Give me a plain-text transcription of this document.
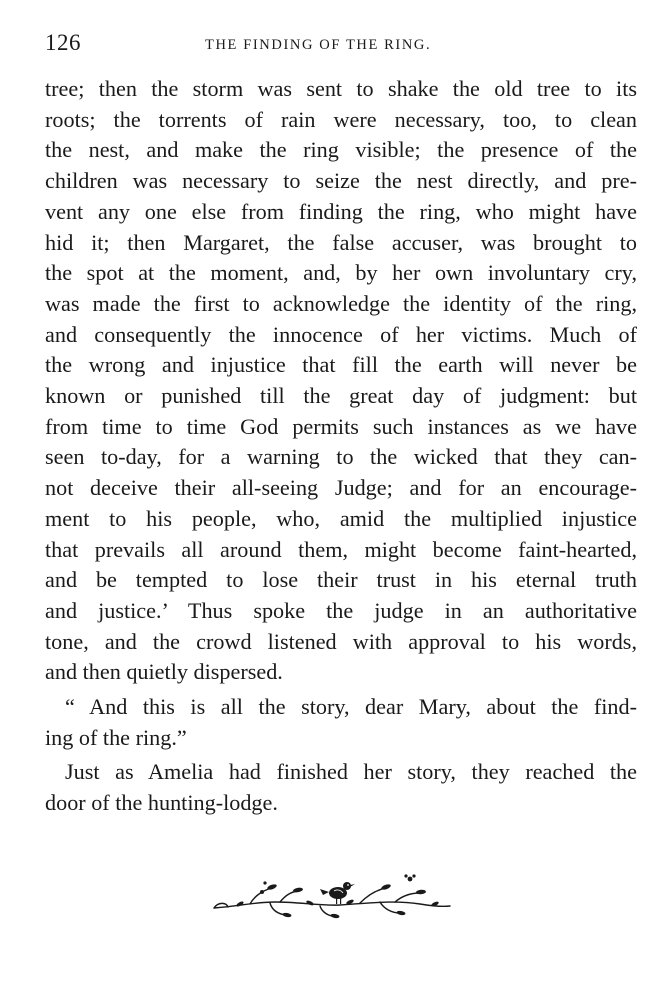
126	THE FINDING OF THE RING.
tree; then the storm was sent to shake the old tree to its
roots; the torrents of rain were necessary, too, to clean
the nest, and make the ring visible; the presence of the
children was necessary to seize the nest directly, and pre-
vent any one else from finding the ring, who might have
hid it; then Margaret, the false accuser, was brought to
the spot at the moment, and, by her own involuntary cry,
was made the first to acknowledge the identity of the ring,
and consequently the innocence of her victims. Much of
the wrong and injustice that fill the earth will never be
known or punished till the great day of judgment: but
from time to time God permits such instances as we have
seen to-day, for a warning to the wicked that they can-
not deceive their all-seeing Judge; and for an encourage-
ment to his people, who, amid the multiplied injustice
that prevails all around them, might become faint-hearted,
and be tempted to lose their trust in his eternal truth
and justice.’ Thus spoke the judge in an authoritative
tone, and the crowd listened with approval to his words,
and then quietly dispersed.
“ And this is all the story, dear Mary, about the find-
ing of the ring.”
Just as Amelia had finished her story, they reached the
door of the hunting-lodge.
